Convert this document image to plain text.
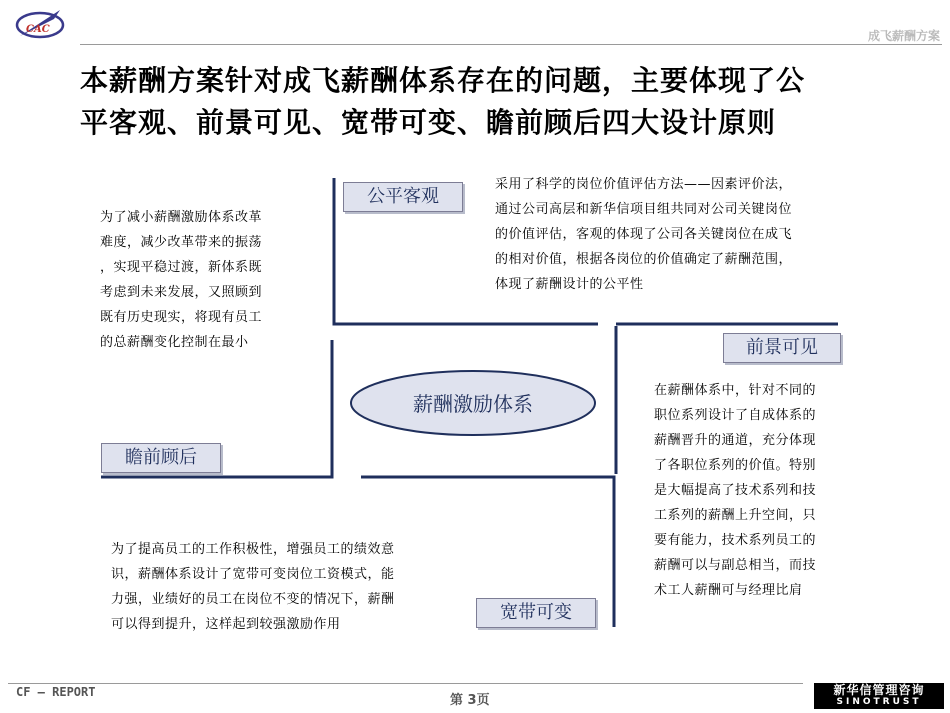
CAC	成飞薪酬方案
本薪酬方案针对成飞薪酬体系存在的问题，主要体现了公
平客观、前景可见、宽带可变、瞻前顾后四大设计原则
薪酬激励体系
公平客观
前景可见
瞻前顾后
宽带可变
采用了科学的岗位价值评估方法——因素评价法，
通过公司高层和新华信项目组共同对公司关键岗位
的价值评估，客观的体现了公司各关键岗位在成飞
的相对价值，根据各岗位的价值确定了薪酬范围，
体现了薪酬设计的公平性
为了减小薪酬激励体系改革
难度，减少改革带来的振荡
，实现平稳过渡，新体系既
考虑到未来发展，又照顾到
既有历史现实，将现有员工
的总薪酬变化控制在最小
在薪酬体系中，针对不同的
职位系列设计了自成体系的
薪酬晋升的通道，充分体现
了各职位系列的价值。特别
是大幅提高了技术系列和技
工系列的薪酬上升空间，只
要有能力，技术系列员工的
薪酬可以与副总相当，而技
术工人薪酬可与经理比肩
为了提高员工的工作积极性，增强员工的绩效意
识，薪酬体系设计了宽带可变岗位工资模式，能
力强，业绩好的员工在岗位不变的情况下，薪酬
可以得到提升，这样起到较强激励作用
CF — REPORT
第 3页
新华信管理咨询
SINOTRUST
